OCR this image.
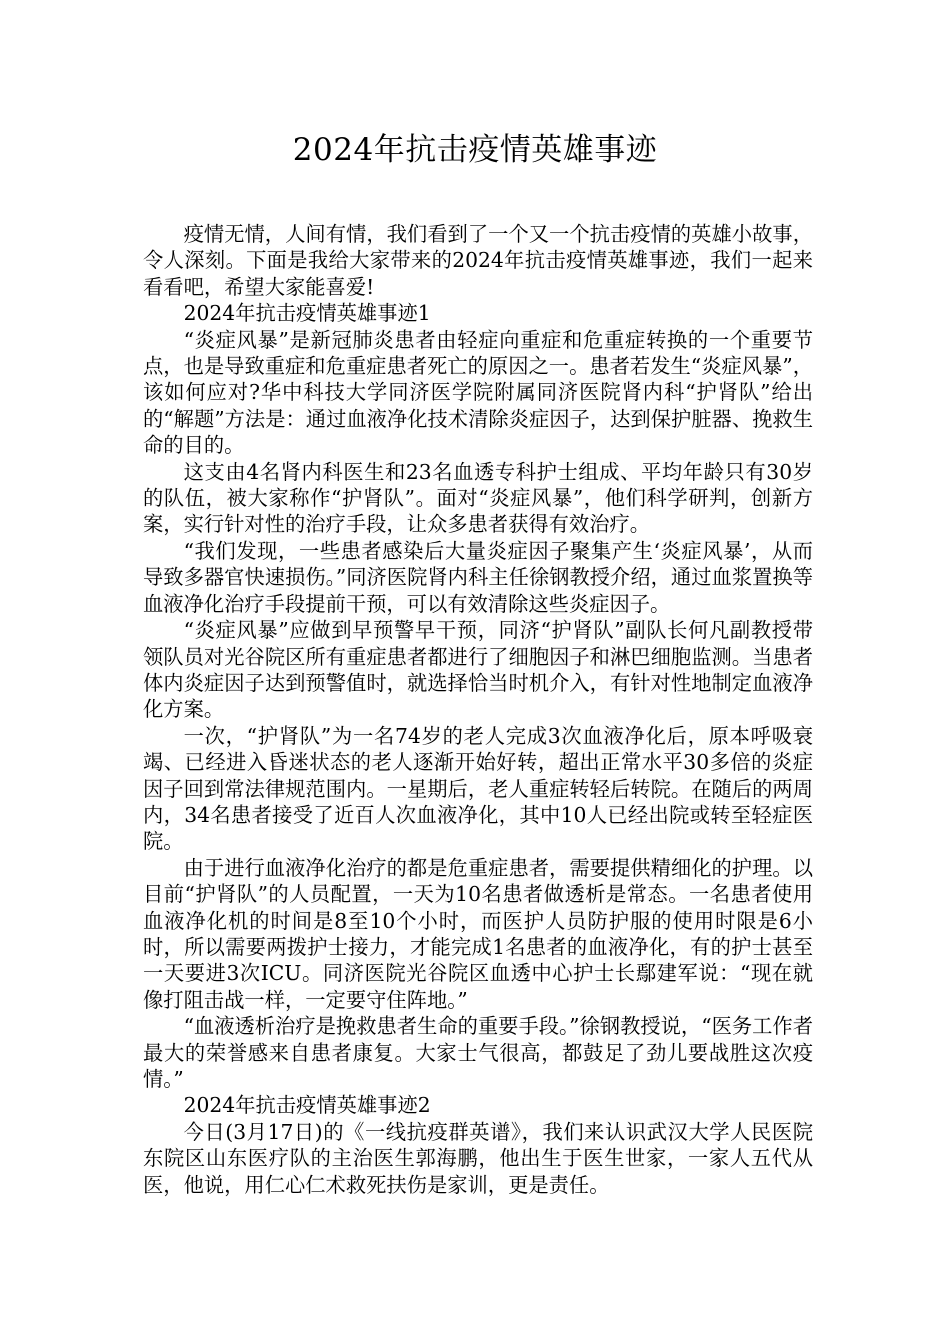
2024年抗击疫情英雄事迹

疫情无情，人间有情，我们看到了一个又一个抗击疫情的英雄小故事，令人深刻。下面是我给大家带来的2024年抗击疫情英雄事迹，我们一起来看看吧，希望大家能喜爱!

2024年抗击疫情英雄事迹1

“炎症风暴”是新冠肺炎患者由轻症向重症和危重症转换的一个重要节点，也是导致重症和危重症患者死亡的原因之一。患者若发生“炎症风暴”，该如何应对?华中科技大学同济医学院附属同济医院肾内科“护肾队”给出的“解题”方法是：通过血液净化技术清除炎症因子，达到保护脏器、挽救生命的目的。

这支由4名肾内科医生和23名血透专科护士组成、平均年龄只有30岁的队伍，被大家称作“护肾队”。面对“炎症风暴”，他们科学研判，创新方案，实行针对性的治疗手段，让众多患者获得有效治疗。

“我们发现，一些患者感染后大量炎症因子聚集产生‘炎症风暴’，从而导致多器官快速损伤。”同济医院肾内科主任徐钢教授介绍，通过血浆置换等血液净化治疗手段提前干预，可以有效清除这些炎症因子。

“炎症风暴”应做到早预警早干预，同济“护肾队”副队长何凡副教授带领队员对光谷院区所有重症患者都进行了细胞因子和淋巴细胞监测。当患者体内炎症因子达到预警值时，就选择恰当时机介入，有针对性地制定血液净化方案。

一次，“护肾队”为一名74岁的老人完成3次血液净化后，原本呼吸衰竭、已经进入昏迷状态的老人逐渐开始好转，超出正常水平30多倍的炎症因子回到常法律规范围内。一星期后，老人重症转轻后转院。在随后的两周内，34名患者接受了近百人次血液净化，其中10人已经出院或转至轻症医院。

由于进行血液净化治疗的都是危重症患者，需要提供精细化的护理。以目前“护肾队”的人员配置，一天为10名患者做透析是常态。一名患者使用血液净化机的时间是8至10个小时，而医护人员防护服的使用时限是6小时，所以需要两拨护士接力，才能完成1名患者的血液净化，有的护士甚至一天要进3次ICU。同济医院光谷院区血透中心护士长鄢建军说：“现在就像打阻击战一样，一定要守住阵地。”

“血液透析治疗是挽救患者生命的重要手段。”徐钢教授说，“医务工作者最大的荣誉感来自患者康复。大家士气很高，都鼓足了劲儿要战胜这次疫情。”

2024年抗击疫情英雄事迹2

今日(3月17日)的《一线抗疫群英谱》，我们来认识武汉大学人民医院东院区山东医疗队的主治医生郭海鹏，他出生于医生世家，一家人五代从医，他说，用仁心仁术救死扶伤是家训，更是责任。
